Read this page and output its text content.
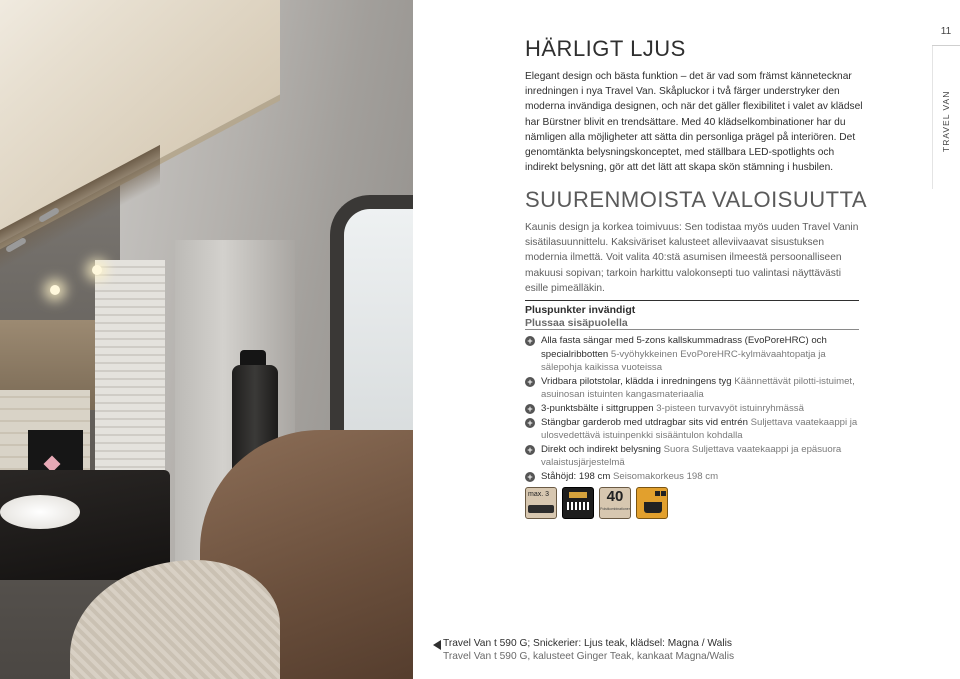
11
TRAVEL VAN
HÄRLIGT LJUS

Elegant design och bästa funktion – det är vad som främst kännetecknar inredningen i nya Travel Van. Skåpluckor i två färger understryker den moderna invändiga designen, och när det gäller flexibilitet i valet av klädsel har Bürstner blivit en trendsättare. Med 40 klädselkombinationer har du nämligen alla möjligheter att sätta din personliga prägel på interiören. Det genomtänkta belysningskonceptet, med ställbara LED-spotlights och indirekt belysning, gör att det lätt att skapa skön stämning i husbilen.

SUURENMOISTA VALOISUUTTA

Kaunis design ja korkea toimivuus: Sen todistaa myös uuden Travel Vanin sisätilasuunnittelu. Kaksiväriset kalusteet alleviivaavat sisustuksen modernia ilmettä. Voit valita 40:stä asumisen ilmeestä persoonalliseen makuusi sopivan; tarkoin harkittu valokonsepti tuo valintasi näyttävästi esille pimeälläkin.

Pluspunkter invändigt
Plussaa sisäpuolella
+ Alla fasta sängar med 5-zons kallskummadrass (EvoPoreHRC) och specialribbotten 5-vyöhykkeinen EvoPoreHRC-kylmävaahtopatja ja sälepohja kaikissa vuoteissa
+ Vridbara pilotstolar, klädda i inredningens tyg Käännettävät pilotti-istuimet, asuinosan istuinten kangasmateriaalia
+ 3-punktsbälte i sittgruppen 3-pisteen turvavyöt istuinryhmässä
+ Stängbar garderob med utdragbar sits vid entrén Suljettava vaatekaappi ja ulosvedettävä istuinpenkki sisääntulon kohdalla
+ Direkt och indirekt belysning Suora Suljettava vaatekaappi ja epäsuora valaistusjärjestelmä
+ Ståhöjd: 198 cm Seisomakorkeus 198 cm
max. 3	40
Polstkombinationer
Travel Van t 590 G; Snickerier: Ljus teak, klädsel: Magna / Walis
Travel Van t 590 G, kalusteet Ginger Teak, kankaat Magna/Walis
